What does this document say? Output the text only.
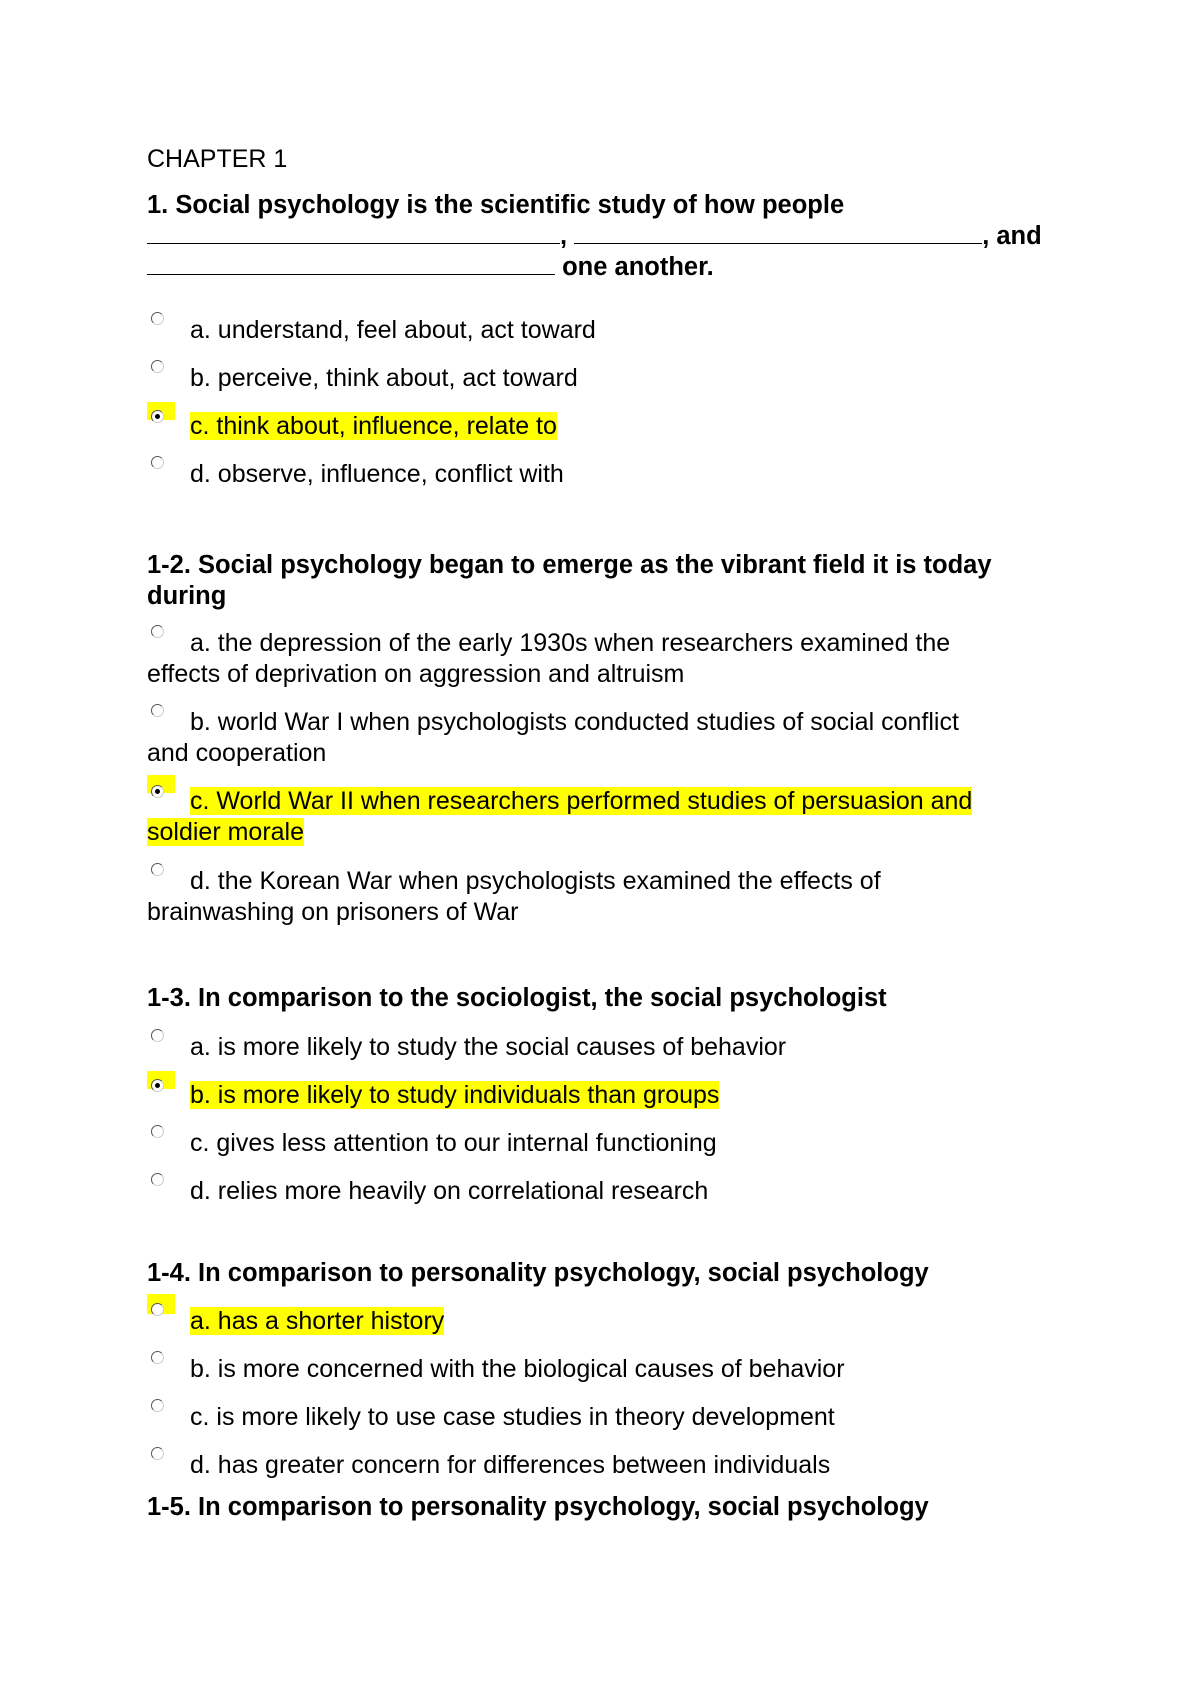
CHAPTER 1
1. Social psychology is the scientific study of how people
,	, and
one another.
a. understand, feel about, act toward
b. perceive, think about, act toward
c. think about, influence, relate to
d. observe, influence, conflict with
1-2. Social psychology began to emerge as the vibrant field it is today
during
a. the depression of the early 1930s when researchers examined the
effects of deprivation on aggression and altruism
b. world War I when psychologists conducted studies of social conflict
and cooperation
c. World War II when researchers performed studies of persuasion and
soldier morale
d. the Korean War when psychologists examined the effects of
brainwashing on prisoners of War
1-3. In comparison to the sociologist, the social psychologist
a. is more likely to study the social causes of behavior
b. is more likely to study individuals than groups
c. gives less attention to our internal functioning
d. relies more heavily on correlational research
1-4. In comparison to personality psychology, social psychology
a. has a shorter history
b. is more concerned with the biological causes of behavior
c. is more likely to use case studies in theory development
d. has greater concern for differences between individuals
1-5. In comparison to personality psychology, social psychology
